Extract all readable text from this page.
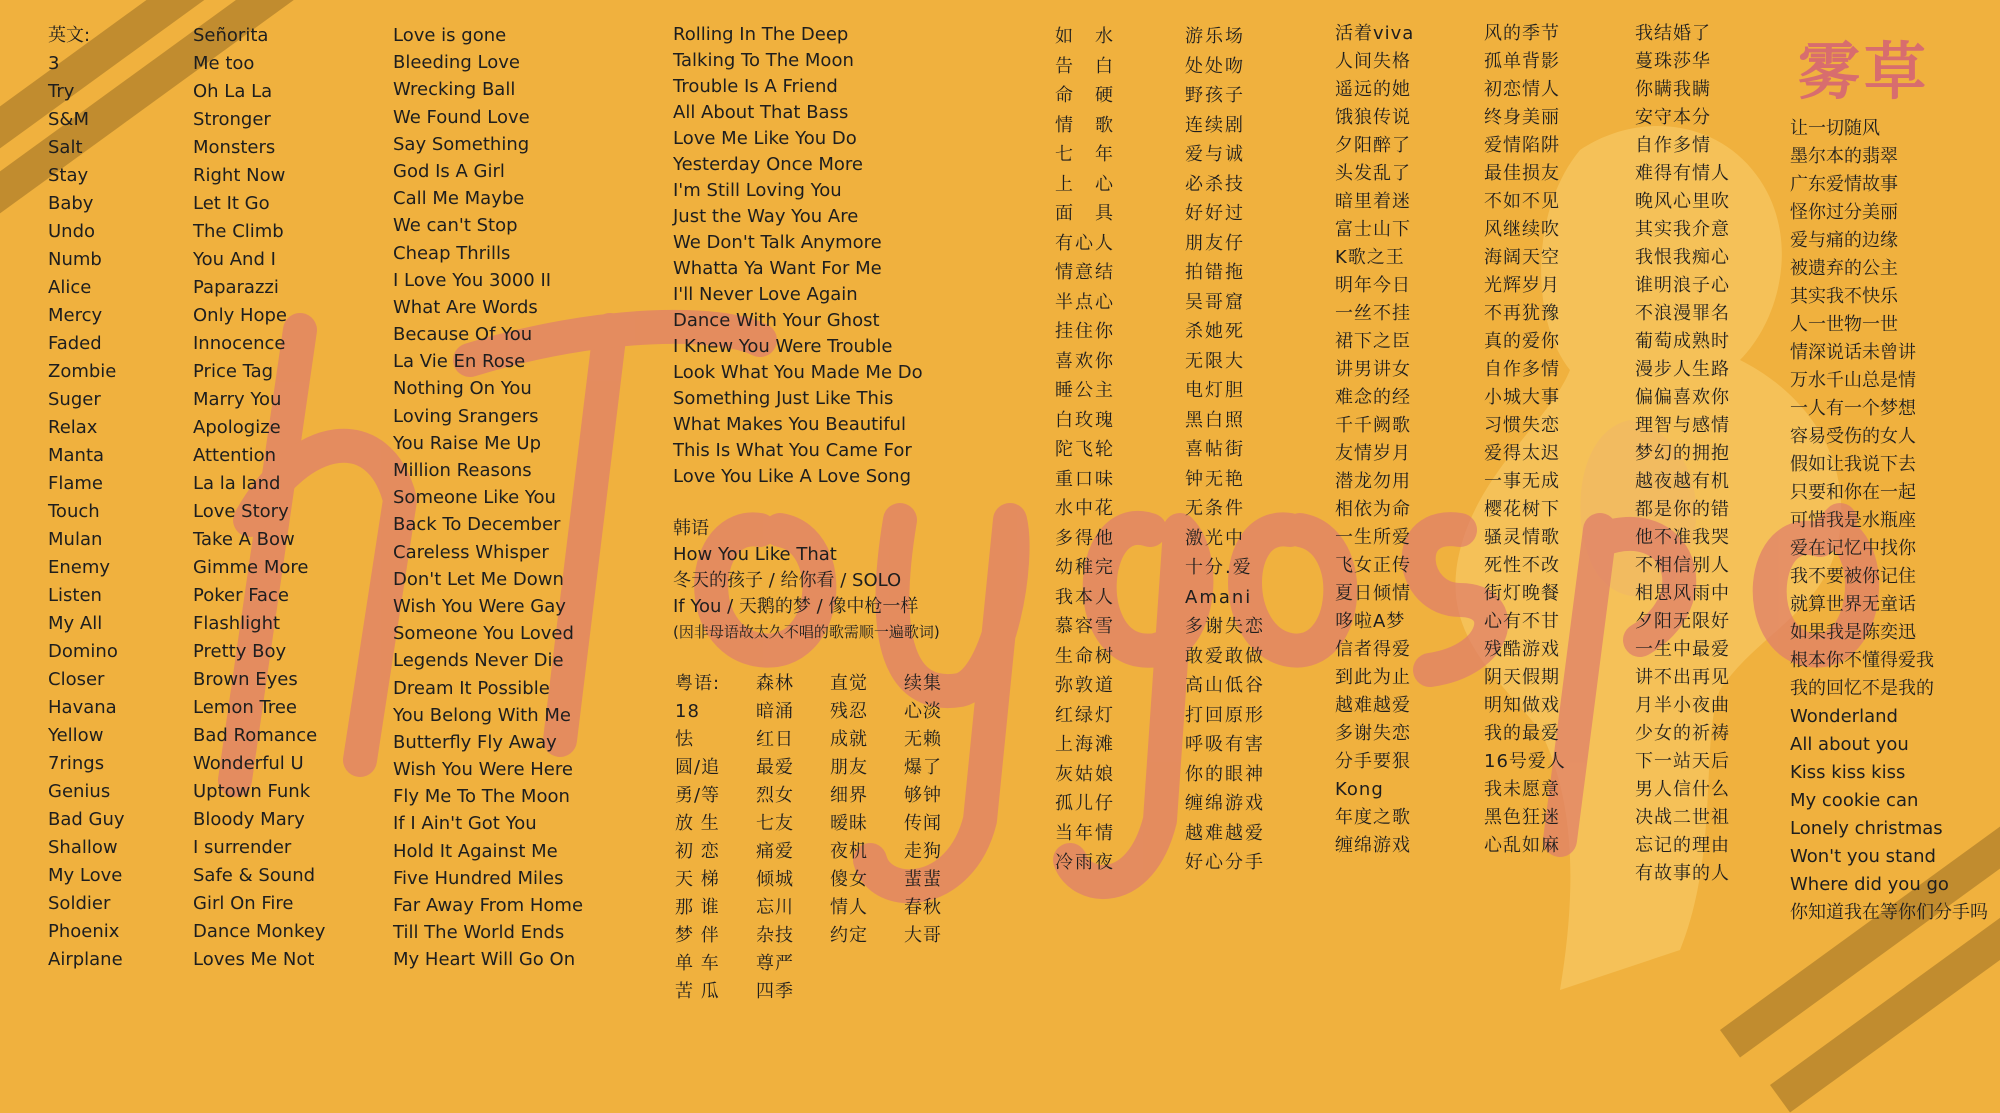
雾草
英文:
3
Try
S&M
Salt
Stay
Baby
Undo
Numb
Alice
Mercy
Faded
Zombie
Suger
Relax
Manta
Flame
Touch
Mulan
Enemy
Listen
My All
Domino
Closer
Havana
Yellow
7rings
Genius
Bad Guy
Shallow
My Love
Soldier
Phoenix
Airplane
Señorita
Me too
Oh La La
Stronger
Monsters
Right Now
Let It Go
The Climb
You And I
Paparazzi
Only Hope
Innocence
Price Tag
Marry You
Apologize
Attention
La la land
Love Story
Take A Bow
Gimme More
Poker Face
Flashlight
Pretty Boy
Brown Eyes
Lemon Tree
Bad Romance
Wonderful U
Uptown Funk
Bloody Mary
I surrender
Safe & Sound
Girl On Fire
Dance Monkey
Loves Me Not
Love is gone
Bleeding Love
Wrecking Ball
We Found Love
Say Something
God Is A Girl
Call Me Maybe
We can't Stop
Cheap Thrills
I Love You 3000 II
What Are Words
Because Of You
La Vie En Rose
Nothing On You
Loving Srangers
You Raise Me Up
Million Reasons
Someone Like You
Back To December
Careless Whisper
Don't Let Me Down
Wish You Were Gay
Someone You Loved
Legends Never Die
Dream It Possible
You Belong With Me
Butterfly Fly Away
Wish You Were Here
Fly Me To The Moon
If I Ain't Got You
Hold It Against Me
Five Hundred Miles
Far Away From Home
Till The World Ends
My Heart Will Go On
Rolling In The Deep
Talking To The Moon
Trouble Is A Friend
All About That Bass
Love Me Like You Do
Yesterday Once More
I'm Still Loving You
Just the Way You Are
We Don't Talk Anymore
Whatta Ya Want For Me
I'll Never Love Again
Dance With Your Ghost
I Knew You Were Trouble
Look What You Made Me Do
Something Just Like This
What Makes You Beautiful
This Is What You Came For
Love You Like A Love Song
韩语
How You Like That
冬天的孩子 / 给你看 / SOLO
If You / 天鹅的梦 / 像中枪一样
(因非母语故太久不唱的歌需顺一遍歌词)
粤语:
18
怯
圆/追
勇/等
放 生
初 恋
天 梯
那 谁
梦 伴
单 车
苦 瓜
森林
暗涌
红日
最爱
烈女
七友
痛爱
倾城
忘川
杂技
尊严
四季
直觉
残忍
成就
朋友
细界
暧昧
夜机
傻女
情人
约定
续集
心淡
无赖
爆了
够钟
传闻
走狗
蜚蜚
春秋
大哥
如　水
告　白
命　硬
情　歌
七　年
上　心
面　具
有心人
情意结
半点心
挂住你
喜欢你
睡公主
白玫瑰
陀飞轮
重口味
水中花
多得他
幼稚完
我本人
慕容雪
生命树
弥敦道
红绿灯
上海滩
灰姑娘
孤儿仔
当年情
冷雨夜
游乐场
处处吻
野孩子
连续剧
爱与诚
必杀技
好好过
朋友仔
拍错拖
吴哥窟
杀她死
无限大
电灯胆
黑白照
喜帖街
钟无艳
无条件
激光中
十分.爱
Amani
多谢失恋
敢爱敢做
高山低谷
打回原形
呼吸有害
你的眼神
缠绵游戏
越难越爱
好心分手
活着viva
人间失格
遥远的她
饿狼传说
夕阳醉了
头发乱了
暗里着迷
富士山下
K歌之王
明年今日
一丝不挂
裙下之臣
讲男讲女
难念的经
千千阙歌
友情岁月
潜龙勿用
相依为命
一生所爱
飞女正传
夏日倾情
哆啦A梦
信者得爱
到此为止
越难越爱
多谢失恋
分手要狠
Kong
年度之歌
缠绵游戏
风的季节
孤单背影
初恋情人
终身美丽
爱情陷阱
最佳损友
不如不见
风继续吹
海阔天空
光辉岁月
不再犹豫
真的爱你
自作多情
小城大事
习惯失恋
爱得太迟
一事无成
樱花树下
骚灵情歌
死性不改
街灯晚餐
心有不甘
残酷游戏
阴天假期
明知做戏
我的最爱
16号爱人
我未愿意
黑色狂迷
心乱如麻
我结婚了
蔓珠莎华
你瞒我瞒
安守本分
自作多情
难得有情人
晚风心里吹
其实我介意
我恨我痴心
谁明浪子心
不浪漫罪名
葡萄成熟时
漫步人生路
偏偏喜欢你
理智与感情
梦幻的拥抱
越夜越有机
都是你的错
他不准我哭
不相信别人
相思风雨中
夕阳无限好
一生中最爱
讲不出再见
月半小夜曲
少女的祈祷
下一站天后
男人信什么
决战二世祖
忘记的理由
有故事的人
让一切随风
墨尔本的翡翠
广东爱情故事
怪你过分美丽
爱与痛的边缘
被遗弃的公主
其实我不快乐
人一世物一世
情深说话未曾讲
万水千山总是情
一人有一个梦想
容易受伤的女人
假如让我说下去
只要和你在一起
可惜我是水瓶座
爱在记忆中找你
我不要被你记住
就算世界无童话
如果我是陈奕迅
根本你不懂得爱我
我的回忆不是我的
Wonderland
All about you
Kiss kiss kiss
My cookie can
Lonely christmas
Won't you stand
Where did you go
你知道我在等你们分手吗
